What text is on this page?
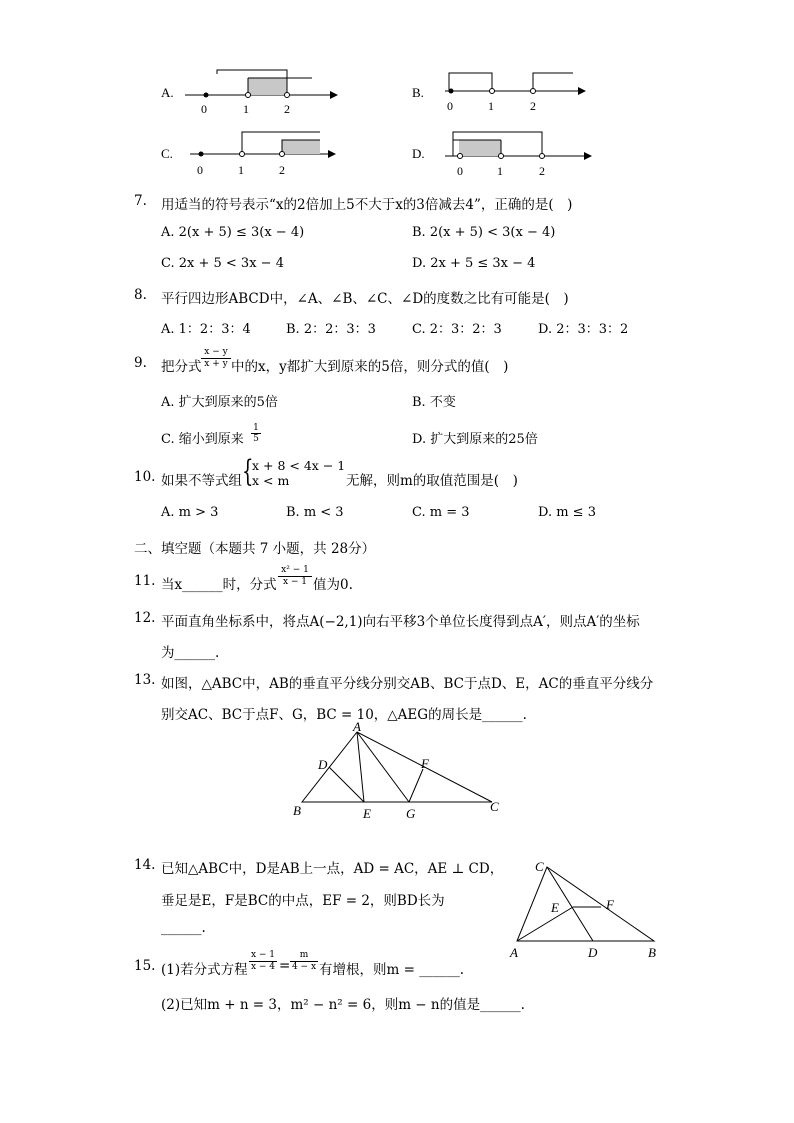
A.
0	1	2
B.
0	1	2
C.
0	1	2
D.
0	1	2
7. 用适当的符号表示“x的2倍加上5不大于x的3倍减去4”，正确的是(　)
A. 2(x + 5) ≤ 3(x − 4)	B. 2(x + 5) < 3(x − 4)
C. 2x + 5 < 3x − 4	D. 2x + 5 ≤ 3x − 4
8. 平行四边形ABCD中，∠A、∠B、∠C、∠D的度数之比有可能是(　)
A. 1：2：3：4	B. 2：2：3：3	C. 2：3：2：3	D. 2：3：3：2
9. 把分式 $\frac{x - y}{x + y}$ 中的x，y都扩大到原来的5倍，则分式的值(　)
A. 扩大到原来的5倍	B. 不变
C. 缩小到原来 $\frac{1}{5}$	D. 扩大到原来的25倍
10. 如果不等式组 {
x + 8 < 4x − 1
x < m	无解，则m的取值范围是(　)
A. m > 3	B. m < 3	C. m = 3	D. m ≤ 3
二、填空题（本题共 7 小题，共 28分）
11. 当x______时，分式 $\frac{\text{x² − 1}}{x - 1}$ 值为0.
12. 平面直角坐标系中，将点A(−2,1)向右平移3个单位长度得到点A′，则点A′的坐标
为______.
13. 如图，△ABC中，AB的垂直平分线分别交AB、BC于点D、E，AC的垂直平分线分
别交AC、BC于点F、G，BC = 10，△AEG的周长是______.
A
D	F
B	E	G	C
14. 已知△ABC中，D是AB上一点，AD = AC，AE ⊥ CD，
垂足是E，F是BC的中点，EF = 2，则BD长为
______.
C
E	F
A	D	B
15. (1)若分式方程 $\frac{x - 1}{x - 4} = \frac{m}{4 - x}$ 有增根，则m = ______.
(2)已知m + n = 3，m² − n² = 6，则m − n的值是______.
